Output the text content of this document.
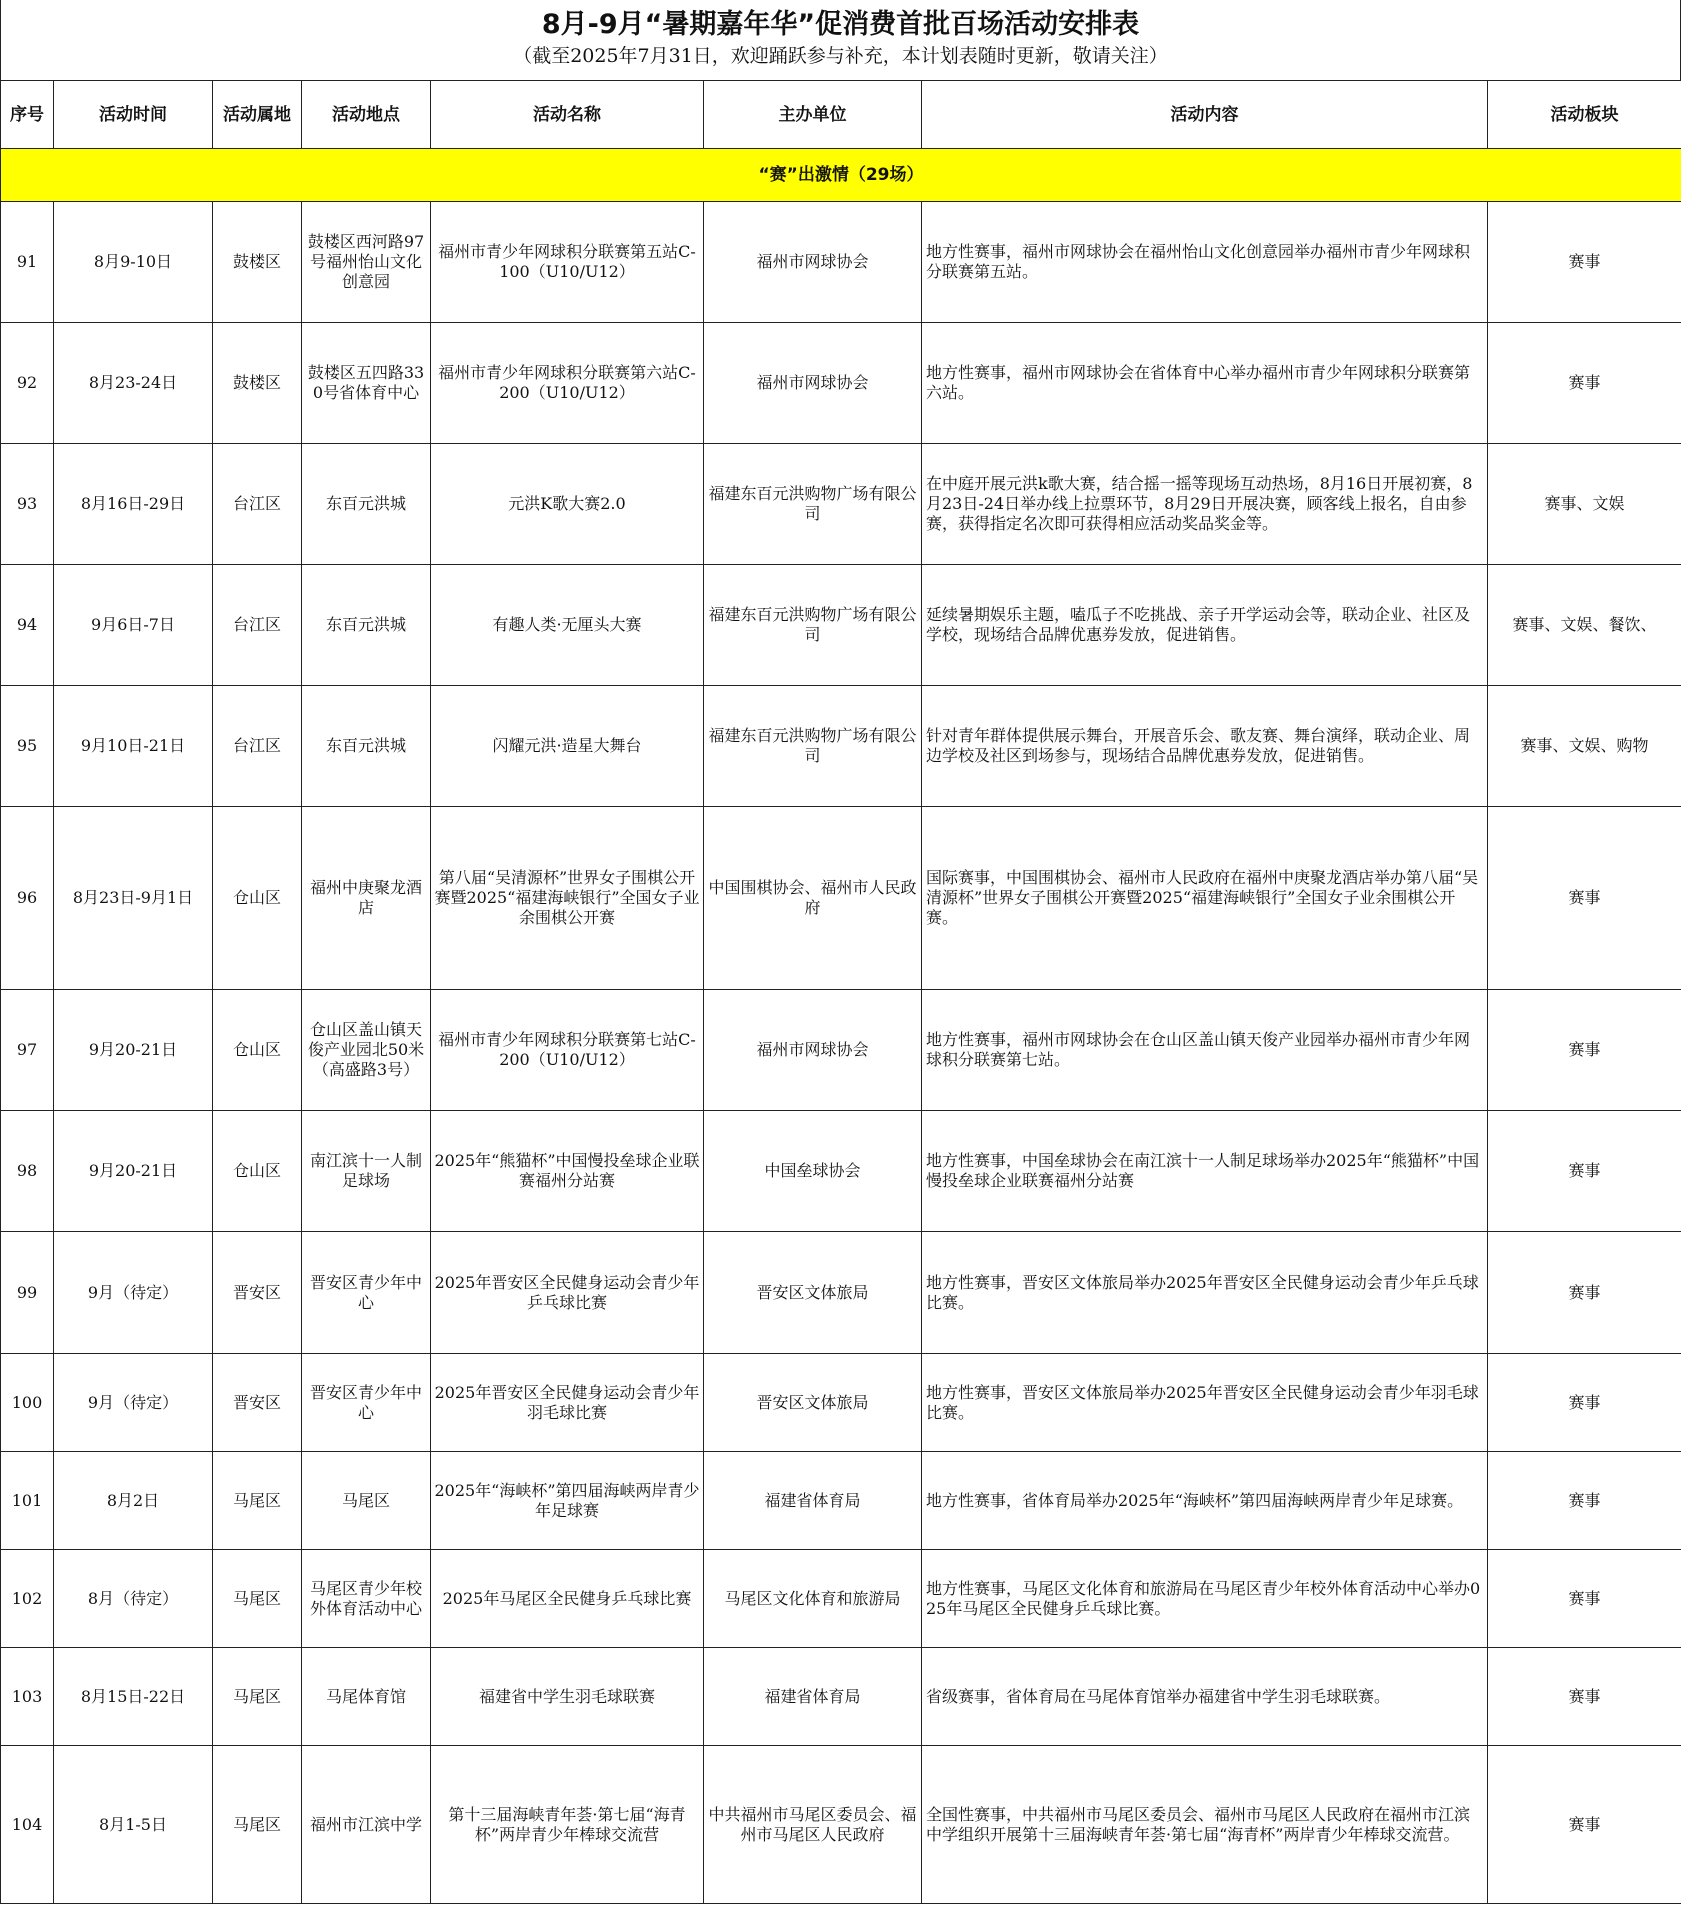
8月-9月“暑期嘉年华”促消费首批百场活动安排表
（截至2025年7月31日，欢迎踊跃参与补充，本计划表随时更新，敬请关注）
序号	活动时间	活动属地	活动地点	活动名称	主办单位	活动内容	活动板块
“赛”出激情（29场）							
91	8月9-10日	鼓楼区	鼓楼区西河路97号福州怡山文化创意园	福州市青少年网球积分联赛第五站C-100（U10/U12）	福州市网球协会	地方性赛事，福州市网球协会在福州怡山文化创意园举办福州市青少年网球积分联赛第五站。	赛事
92	8月23-24日	鼓楼区	鼓楼区五四路330号省体育中心	福州市青少年网球积分联赛第六站C-200（U10/U12）	福州市网球协会	地方性赛事，福州市网球协会在省体育中心举办福州市青少年网球积分联赛第六站。	赛事
93	8月16日-29日	台江区	东百元洪城	元洪K歌大赛2.0	福建东百元洪购物广场有限公司	在中庭开展元洪k歌大赛，结合摇一摇等现场互动热场，8月16日开展初赛，8月23日-24日举办线上拉票环节，8月29日开展决赛，顾客线上报名，自由参赛，获得指定名次即可获得相应活动奖品奖金等。	赛事、文娱
94	9月6日-7日	台江区	东百元洪城	有趣人类·无厘头大赛	福建东百元洪购物广场有限公司	延续暑期娱乐主题，嗑瓜子不吃挑战、亲子开学运动会等，联动企业、社区及学校，现场结合品牌优惠券发放，促进销售。	赛事、文娱、餐饮、
95	9月10日-21日	台江区	东百元洪城	闪耀元洪·造星大舞台	福建东百元洪购物广场有限公司	针对青年群体提供展示舞台，开展音乐会、歌友赛、舞台演绎，联动企业、周边学校及社区到场参与，现场结合品牌优惠券发放，促进销售。	赛事、文娱、购物
96	8月23日-9月1日	仓山区	福州中庚聚龙酒店	第八届“吴清源杯”世界女子围棋公开赛暨2025“福建海峡银行”全国女子业余围棋公开赛	中国围棋协会、福州市人民政府	国际赛事，中国围棋协会、福州市人民政府在福州中庚聚龙酒店举办第八届“吴清源杯”世界女子围棋公开赛暨2025“福建海峡银行”全国女子业余围棋公开赛。	赛事
97	9月20-21日	仓山区	仓山区盖山镇天俊产业园北50米（高盛路3号）	福州市青少年网球积分联赛第七站C-200（U10/U12）	福州市网球协会	地方性赛事，福州市网球协会在仓山区盖山镇天俊产业园举办福州市青少年网球积分联赛第七站。	赛事
98	9月20-21日	仓山区	南江滨十一人制足球场	2025年“熊猫杯”中国慢投垒球企业联赛福州分站赛	中国垒球协会	地方性赛事，中国垒球协会在南江滨十一人制足球场举办2025年“熊猫杯”中国慢投垒球企业联赛福州分站赛	赛事
99	9月（待定）	晋安区	晋安区青少年中心	2025年晋安区全民健身运动会青少年乒乓球比赛	晋安区文体旅局	地方性赛事，晋安区文体旅局举办2025年晋安区全民健身运动会青少年乒乓球比赛。	赛事
100	9月（待定）	晋安区	晋安区青少年中心	2025年晋安区全民健身运动会青少年羽毛球比赛	晋安区文体旅局	地方性赛事，晋安区文体旅局举办2025年晋安区全民健身运动会青少年羽毛球比赛。	赛事
101	8月2日	马尾区	马尾区	2025年“海峡杯”第四届海峡两岸青少年足球赛	福建省体育局	地方性赛事，省体育局举办2025年“海峡杯”第四届海峡两岸青少年足球赛。	赛事
102	8月（待定）	马尾区	马尾区青少年校外体育活动中心	2025年马尾区全民健身乒乓球比赛	马尾区文化体育和旅游局	地方性赛事，马尾区文化体育和旅游局在马尾区青少年校外体育活动中心举办025年马尾区全民健身乒乓球比赛。	赛事
103	8月15日-22日	马尾区	马尾体育馆	福建省中学生羽毛球联赛	福建省体育局	省级赛事，省体育局在马尾体育馆举办福建省中学生羽毛球联赛。	赛事
104	8月1-5日	马尾区	福州市江滨中学	第十三届海峡青年荟·第七届“海青杯”两岸青少年棒球交流营	中共福州市马尾区委员会、福州市马尾区人民政府	全国性赛事，中共福州市马尾区委员会、福州市马尾区人民政府在福州市江滨中学组织开展第十三届海峡青年荟·第七届“海青杯”两岸青少年棒球交流营。	赛事
